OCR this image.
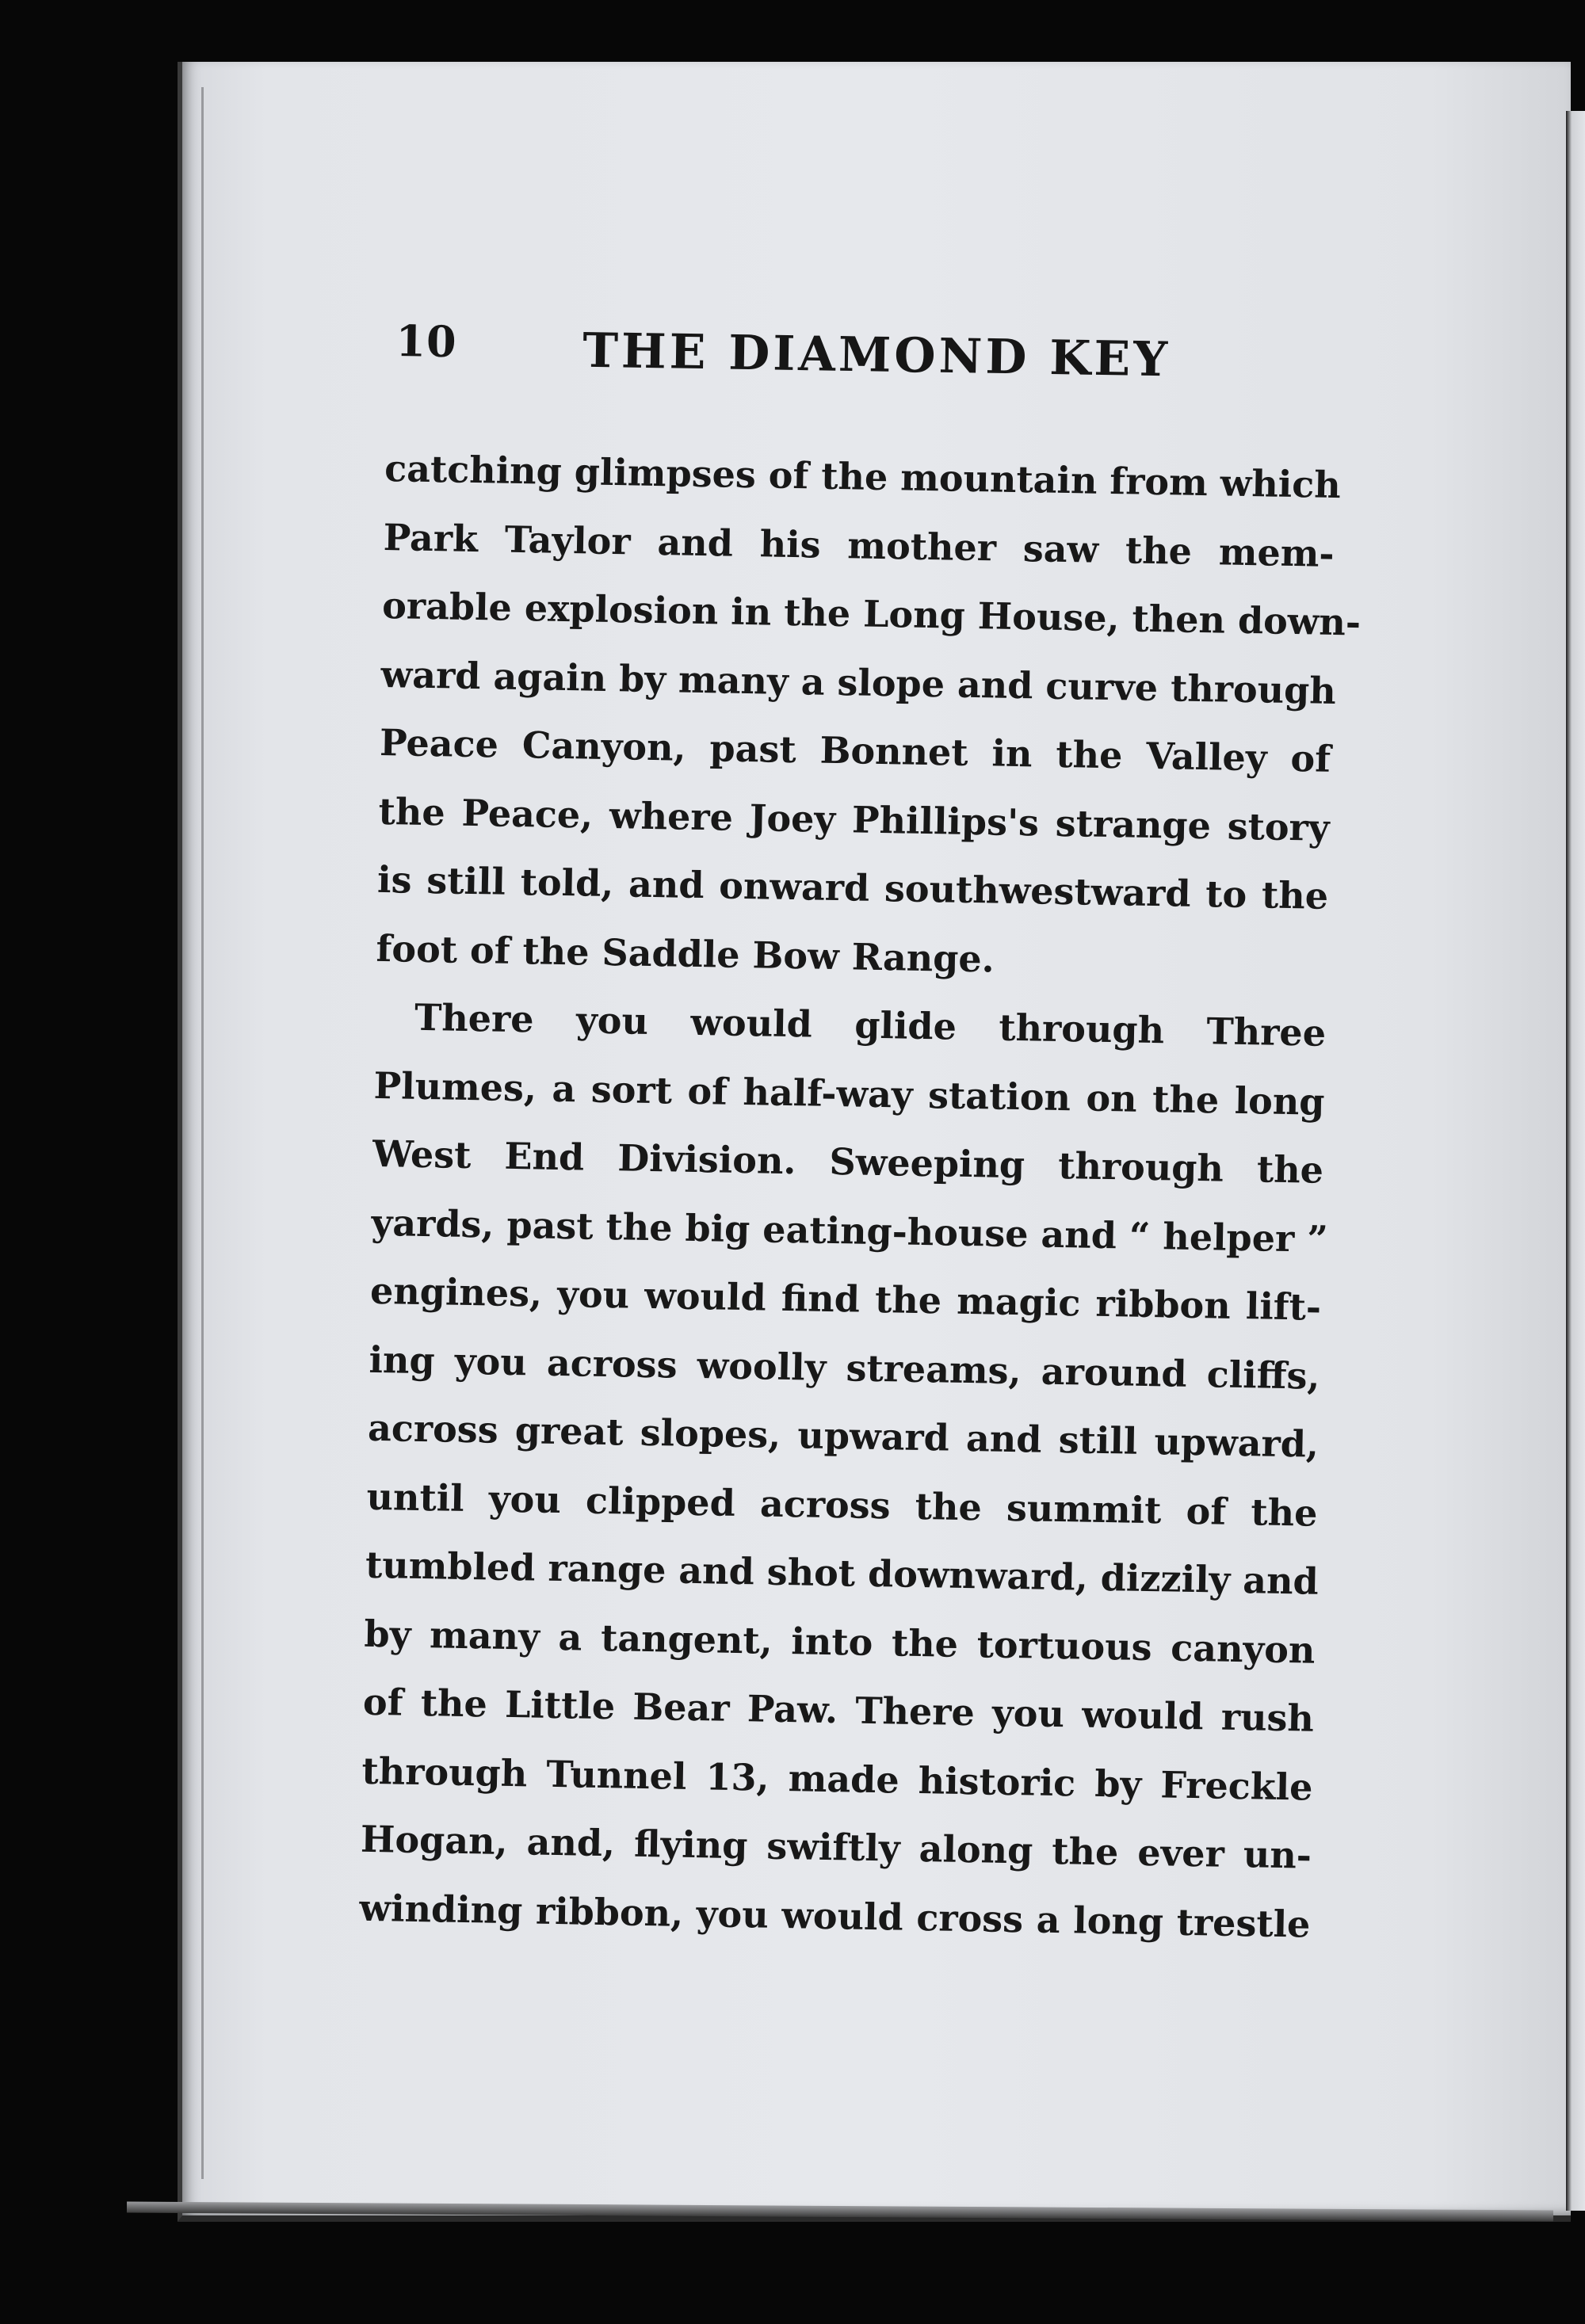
10	THE DIAMOND KEY
catching glimpses of the mountain from which
Park Taylor and his mother saw the mem-
orable explosion in the Long House, then down-
ward again by many a slope and curve through
Peace Canyon, past Bonnet in the Valley of
the Peace, where Joey Phillips's strange story
is still told, and onward southwestward to the
foot of the Saddle Bow Range.
There you would glide through Three
Plumes, a sort of half-way station on the long
West End Division. Sweeping through the
yards, past the big eating-house and “ helper ”
engines, you would find the magic ribbon lift-
ing you across woolly streams, around cliffs,
across great slopes, upward and still upward,
until you clipped across the summit of the
tumbled range and shot downward, dizzily and
by many a tangent, into the tortuous canyon
of the Little Bear Paw. There you would rush
through Tunnel 13, made historic by Freckle
Hogan, and, flying swiftly along the ever un-
winding ribbon, you would cross a long trestle
